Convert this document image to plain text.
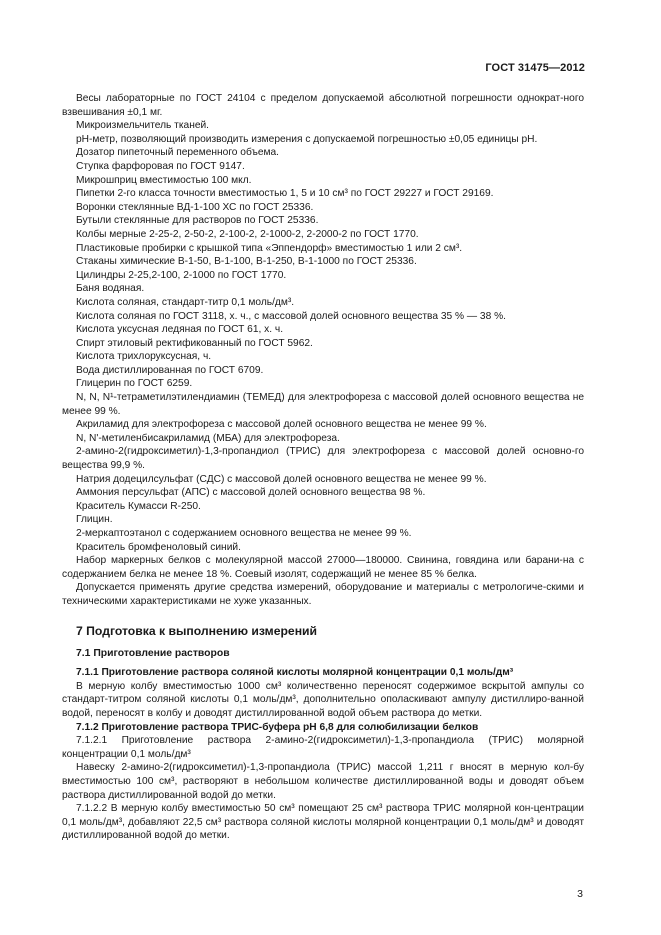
ГОСТ 31475—2012
Весы лабораторные по ГОСТ 24104 с пределом допускаемой абсолютной погрешности однократ-ного взвешивания ±0,1 мг.
Микроизмельчитель тканей.
pH-метр, позволяющий производить измерения с допускаемой погрешностью ±0,05 единицы pH.
Дозатор пипеточный переменного объема.
Ступка фарфоровая по ГОСТ 9147.
Микрошприц вместимостью 100 мкл.
Пипетки 2-го класса точности вместимостью 1, 5 и 10 см³ по ГОСТ 29227 и ГОСТ 29169.
Воронки стеклянные ВД-1-100 ХС по ГОСТ 25336.
Бутыли стеклянные для растворов по ГОСТ 25336.
Колбы мерные 2-25-2, 2-50-2, 2-100-2, 2-1000-2, 2-2000-2 по ГОСТ 1770.
Пластиковые пробирки с крышкой типа «Эппендорф» вместимостью 1 или 2 см³.
Стаканы химические В-1-50, В-1-100, В-1-250, В-1-1000 по ГОСТ 25336.
Цилиндры 2-25,2-100, 2-1000 по ГОСТ 1770.
Баня водяная.
Кислота соляная, стандарт-титр 0,1 моль/дм³.
Кислота соляная по ГОСТ 3118, х. ч., с массовой долей основного вещества 35 % — 38 %.
Кислота уксусная ледяная по ГОСТ 61, х. ч.
Спирт этиловый ректификованный по ГОСТ 5962.
Кислота трихлоруксусная, ч.
Вода дистиллированная по ГОСТ 6709.
Глицерин по ГОСТ 6259.
N, N, N¹-тетраметилэтилендиамин (ТЕМЕД) для электрофореза с массовой долей основного вещества не менее 99 %.
Акриламид для электрофореза с массовой долей основного вещества не менее 99 %.
N, N'-метиленбисакриламид (МБА) для электрофореза.
2-амино-2(гидроксиметил)-1,3-пропандиол (ТРИС) для электрофореза с массовой долей основно-го вещества 99,9 %.
Натрия додецилсульфат (СДС) с массовой долей основного вещества не менее 99 %.
Аммония персульфат (АПС) с массовой долей основного вещества 98 %.
Краситель Кумасси R-250.
Глицин.
2-меркаптоэтанол с содержанием основного вещества не менее 99 %.
Краситель бромфеноловый синий.
Набор маркерных белков с молекулярной массой 27000—180000. Свинина, говядина или барани-на с содержанием белка не менее 18 %. Соевый изолят, содержащий не менее 85 % белка.
Допускается применять другие средства измерений, оборудование и материалы с метрологиче-скими и техническими характеристиками не хуже указанных.
7 Подготовка к выполнению измерений
7.1 Приготовление растворов
7.1.1 Приготовление раствора соляной кислоты молярной концентрации 0,1 моль/дм³
В мерную колбу вместимостью 1000 см³ количественно переносят содержимое вскрытой ампулы со стандарт-титром соляной кислоты 0,1 моль/дм³, дополнительно ополаскивают ампулу дистиллиро-ванной водой, переносят в колбу и доводят дистиллированной водой объем раствора до метки.
7.1.2 Приготовление раствора ТРИС-буфера pH 6,8 для солюбилизации белков
7.1.2.1 Приготовление раствора 2-амино-2(гидроксиметил)-1,3-пропандиола (ТРИС) молярной концентрации 0,1 моль/дм³
Навеску 2-амино-2(гидроксиметил)-1,3-пропандиола (ТРИС) массой 1,211 г вносят в мерную кол-бу вместимостью 100 см³, растворяют в небольшом количестве дистиллированной воды и доводят объем раствора дистиллированной водой до метки.
7.1.2.2 В мерную колбу вместимостью 50 см³ помещают 25 см³ раствора ТРИС молярной кон-центрации 0,1 моль/дм³, добавляют 22,5 см³ раствора соляной кислоты молярной концентрации 0,1 моль/дм³ и доводят дистиллированной водой до метки.
3
